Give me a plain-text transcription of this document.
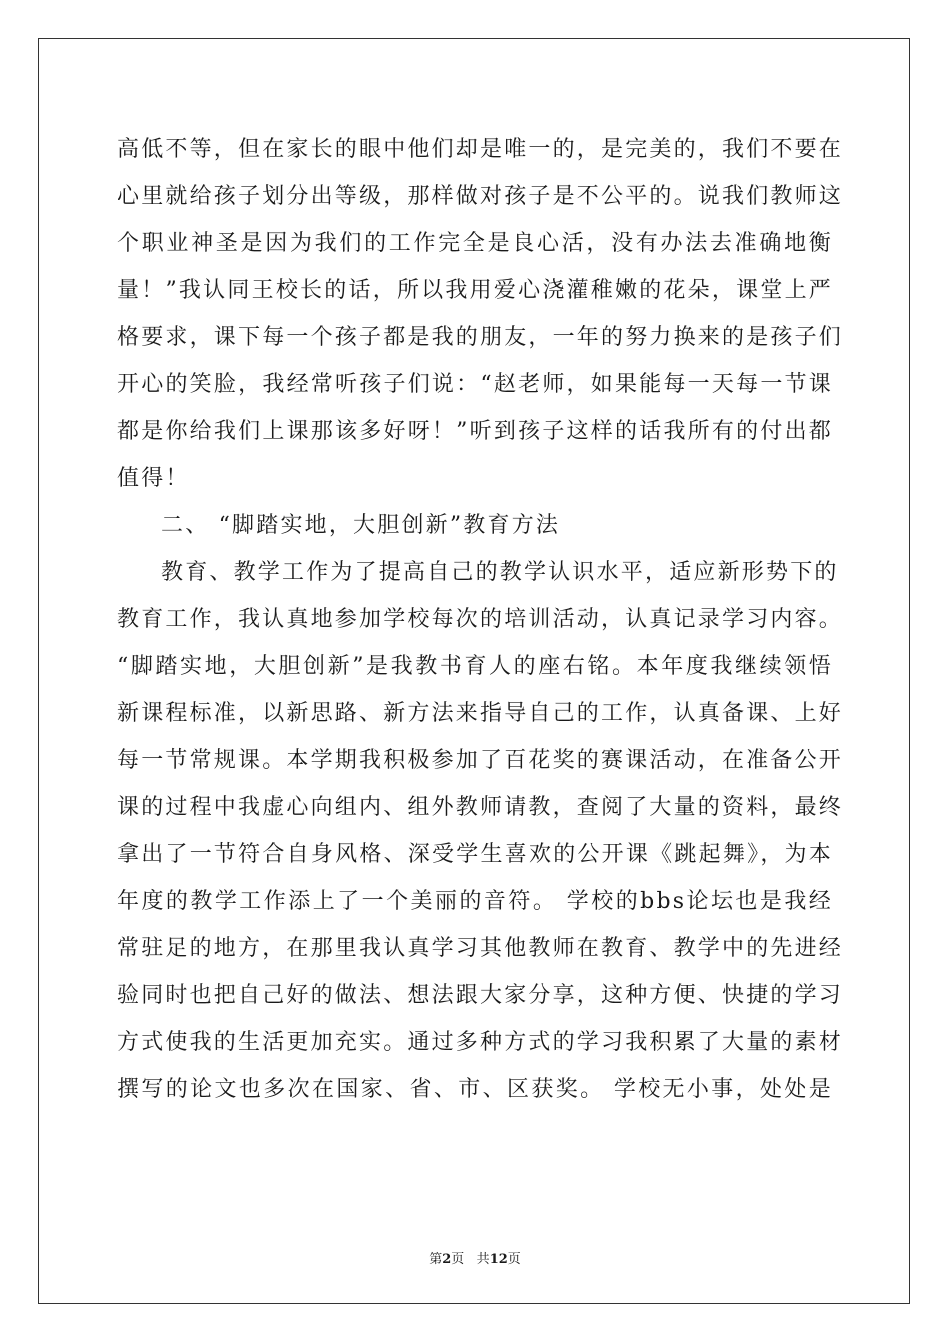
高低不等，但在家长的眼中他们却是唯一的，是完美的，我们不要在
心里就给孩子划分出等级，那样做对孩子是不公平的。说我们教师这
个职业神圣是因为我们的工作完全是良心活，没有办法去准确地衡
量！”我认同王校长的话，所以我用爱心浇灌稚嫩的花朵，课堂上严
格要求，课下每一个孩子都是我的朋友，一年的努力换来的是孩子们
开心的笑脸，我经常听孩子们说：“赵老师，如果能每一天每一节课
都是你给我们上课那该多好呀！”听到孩子这样的话我所有的付出都
值得！
二、 “脚踏实地，大胆创新”教育方法
教育、教学工作为了提高自己的教学认识水平，适应新形势下的
教育工作，我认真地参加学校每次的培训活动，认真记录学习内容。
“脚踏实地，大胆创新”是我教书育人的座右铭。本年度我继续领悟
新课程标准，以新思路、新方法来指导自己的工作，认真备课、上好
每一节常规课。本学期我积极参加了百花奖的赛课活动，在准备公开
课的过程中我虚心向组内、组外教师请教，查阅了大量的资料，最终
拿出了一节符合自身风格、深受学生喜欢的公开课《跳起舞》，为本
年度的教学工作添上了一个美丽的音符。 学校的bbs论坛也是我经
常驻足的地方，在那里我认真学习其他教师在教育、教学中的先进经
验同时也把自己好的做法、想法跟大家分享，这种方便、快捷的学习
方式使我的生活更加充实。通过多种方式的学习我积累了大量的素材
撰写的论文也多次在国家、省、市、区获奖。 学校无小事，处处是
第2页 共12页
